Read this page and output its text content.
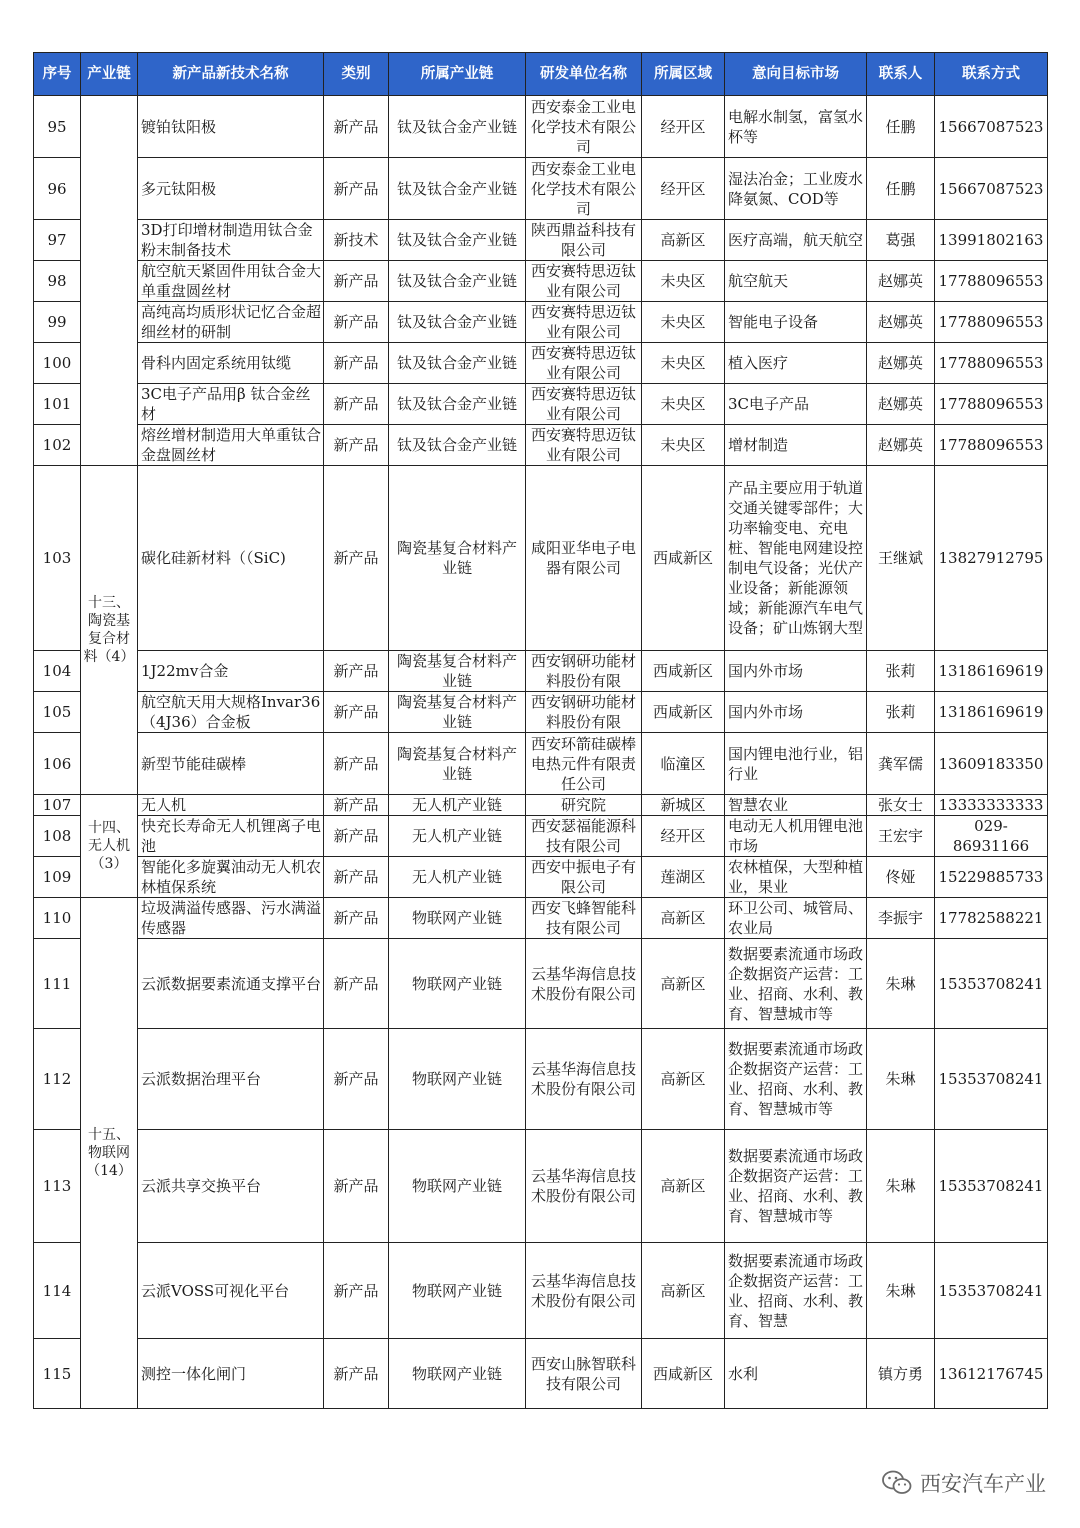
序号	产业链	新产品新技术名称	类别	所属产业链	研发单位名称	所属区域	意向目标市场	联系人	联系方式
95		镀铂钛阳极	新产品	钛及钛合金产业链	西安泰金工业电化学技术有限公司	经开区	电解水制氢，富氢水杯等	任鹏	15667087523
96		多元钛阳极	新产品	钛及钛合金产业链	西安泰金工业电化学技术有限公司	经开区	湿法冶金；工业废水降氨氮、COD等	任鹏	15667087523
97		3D打印增材制造用钛合金粉末制备技术	新技术	钛及钛合金产业链	陕西鼎益科技有限公司	高新区	医疗高端，航天航空	葛强	13991802163
98		航空航天紧固件用钛合金大单重盘圆丝材	新产品	钛及钛合金产业链	西安赛特思迈钛业有限公司	未央区	航空航天	赵娜英	17788096553
99		高纯高均质形状记忆合金超细丝材的研制	新产品	钛及钛合金产业链	西安赛特思迈钛业有限公司	未央区	智能电子设备	赵娜英	17788096553
100		骨科内固定系统用钛缆	新产品	钛及钛合金产业链	西安赛特思迈钛业有限公司	未央区	植入医疗	赵娜英	17788096553
101		3C电子产品用β 钛合金丝材	新产品	钛及钛合金产业链	西安赛特思迈钛业有限公司	未央区	3C电子产品	赵娜英	17788096553
102		熔丝增材制造用大单重钛合金盘圆丝材	新产品	钛及钛合金产业链	西安赛特思迈钛业有限公司	未央区	增材制造	赵娜英	17788096553
103	十三、陶瓷基复合材料（4）	碳化硅新材料（（SiC)	新产品	陶瓷基复合材料产业链	咸阳亚华电子电器有限公司	西咸新区	产品主要应用于轨道交通关键零部件；大功率输变电、充电桩、智能电网建设控制电气设备；光伏产业设备；新能源领域；新能源汽车电气设备；矿山炼钢大型	王继斌	13827912795
104		1J22mv合金	新产品	陶瓷基复合材料产业链	西安钢研功能材料股份有限	西咸新区	国内外市场	张莉	13186169619
105		航空航天用大规格Invar36（4J36）合金板	新产品	陶瓷基复合材料产业链	西安钢研功能材料股份有限	西咸新区	国内外市场	张莉	13186169619
106		新型节能硅碳棒	新产品	陶瓷基复合材料产业链	西安环箭硅碳棒电热元件有限责任公司	临潼区	国内锂电池行业，铝行业	龚军儒	13609183350
107	十四、无人机（3）	无人机	新产品	无人机产业链	研究院	新城区	智慧农业	张女士	13333333333
108		快充长寿命无人机锂离子电池	新产品	无人机产业链	西安瑟福能源科技有限公司	经开区	电动无人机用锂电池市场	王宏宇	029-86931166
109		智能化多旋翼油动无人机农林植保系统	新产品	无人机产业链	西安中振电子有限公司	莲湖区	农林植保，大型种植业，果业	佟娅	15229885733
110	十五、物联网（14）	垃圾满溢传感器、污水满溢传感器	新产品	物联网产业链	西安飞蜂智能科技有限公司	高新区	环卫公司、城管局、农业局	李振宇	17782588221
111		云派数据要素流通支撑平台	新产品	物联网产业链	云基华海信息技术股份有限公司	高新区	数据要素流通市场政企数据资产运营：工业、招商、水利、教育、智慧城市等	朱琳	15353708241
112		云派数据治理平台	新产品	物联网产业链	云基华海信息技术股份有限公司	高新区	数据要素流通市场政企数据资产运营：工业、招商、水利、教育、智慧城市等	朱琳	15353708241
113		云派共享交换平台	新产品	物联网产业链	云基华海信息技术股份有限公司	高新区	数据要素流通市场政企数据资产运营：工业、招商、水利、教育、智慧城市等	朱琳	15353708241
114		云派VOSS可视化平台	新产品	物联网产业链	云基华海信息技术股份有限公司	高新区	数据要素流通市场政企数据资产运营：工业、招商、水利、教育、智慧	朱琳	15353708241
115		测控一体化闸门	新产品	物联网产业链	西安山脉智联科技有限公司	西咸新区	水利	镇方勇	13612176745
西安汽车产业
